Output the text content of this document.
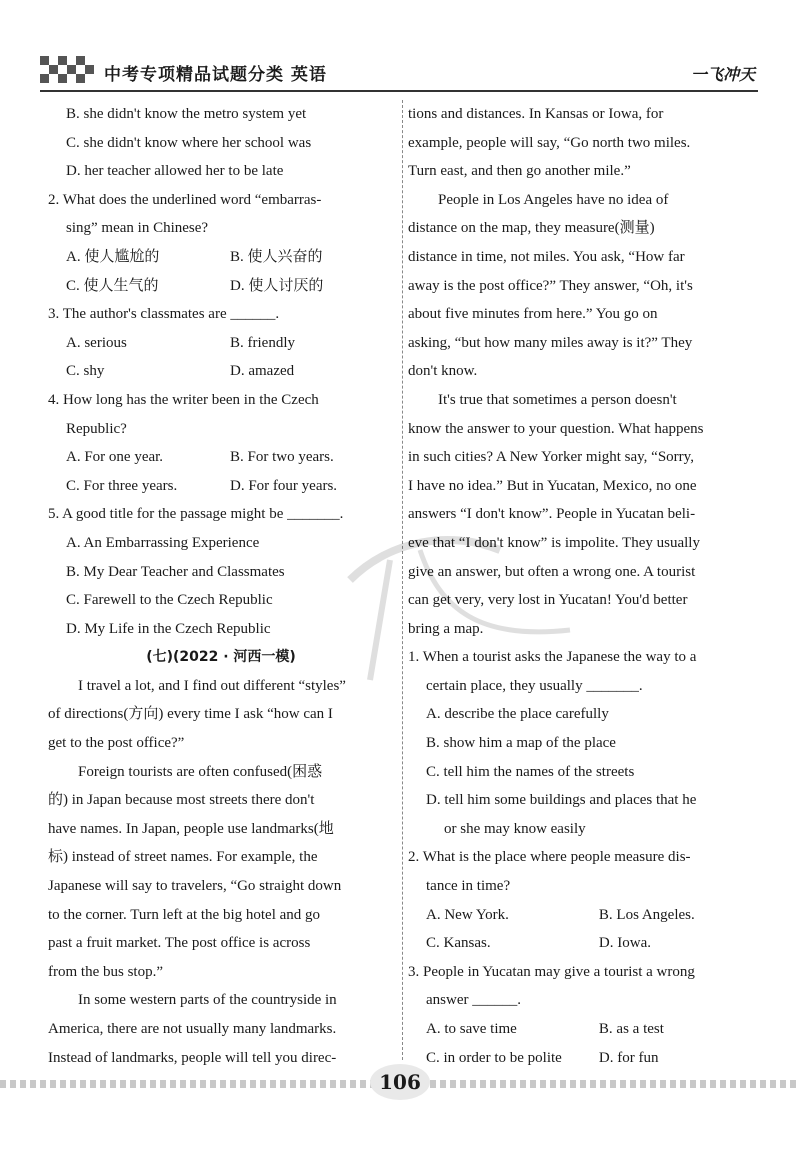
中考专项精品试题分类 英语	一飞冲天
B. she didn't know the metro system yet
C. she didn't know where her school was
D. her teacher allowed her to be late
2. What does the underlined word “embarras-
sing” mean in Chinese?
A. 使人尴尬的	B. 使人兴奋的
C. 使人生气的	D. 使人讨厌的
3. The author's classmates are ______.
A. serious	B. friendly
C. shy	D. amazed
4. How long has the writer been in the Czech
Republic?
A. For one year.	B. For two years.
C. For three years.	D. For four years.
5. A good title for the passage might be _______.
A. An Embarrassing Experience
B. My Dear Teacher and Classmates
C. Farewell to the Czech Republic
D. My Life in the Czech Republic
(七)(2022 · 河西一模)
I travel a lot, and I find out different “styles”
of directions(方向) every time I ask “how can I
get to the post office?”
Foreign tourists are often confused(困惑
的) in Japan because most streets there don't
have names. In Japan, people use landmarks(地
标) instead of street names. For example, the
Japanese will say to travelers, “Go straight down
to the corner. Turn left at the big hotel and go
past a fruit market. The post office is across
from the bus stop.”
In some western parts of the countryside in
America, there are not usually many landmarks.
Instead of landmarks, people will tell you direc-
tions and distances. In Kansas or Iowa, for
example, people will say, “Go north two miles.
Turn east, and then go another mile.”
People in Los Angeles have no idea of
distance on the map, they measure(测量)
distance in time, not miles. You ask, “How far
away is the post office?” They answer, “Oh, it's
about five minutes from here.” You go on
asking, “but how many miles away is it?” They
don't know.
It's true that sometimes a person doesn't
know the answer to your question. What happens
in such cities? A New Yorker might say, “Sorry,
I have no idea.” But in Yucatan, Mexico, no one
answers “I don't know”. People in Yucatan beli-
eve that “I don't know” is impolite. They usually
give an answer, but often a wrong one. A tourist
can get very, very lost in Yucatan! You'd better
bring a map.
1. When a tourist asks the Japanese the way to a
certain place, they usually _______.
A. describe the place carefully
B. show him a map of the place
C. tell him the names of the streets
D. tell him some buildings and places that he
or she may know easily
2. What is the place where people measure dis-
tance in time?
A. New York.	B. Los Angeles.
C. Kansas.	D. Iowa.
3. People in Yucatan may give a tourist a wrong
answer ______.
A. to save time	B. as a test
C. in order to be polite	D. for fun
106
